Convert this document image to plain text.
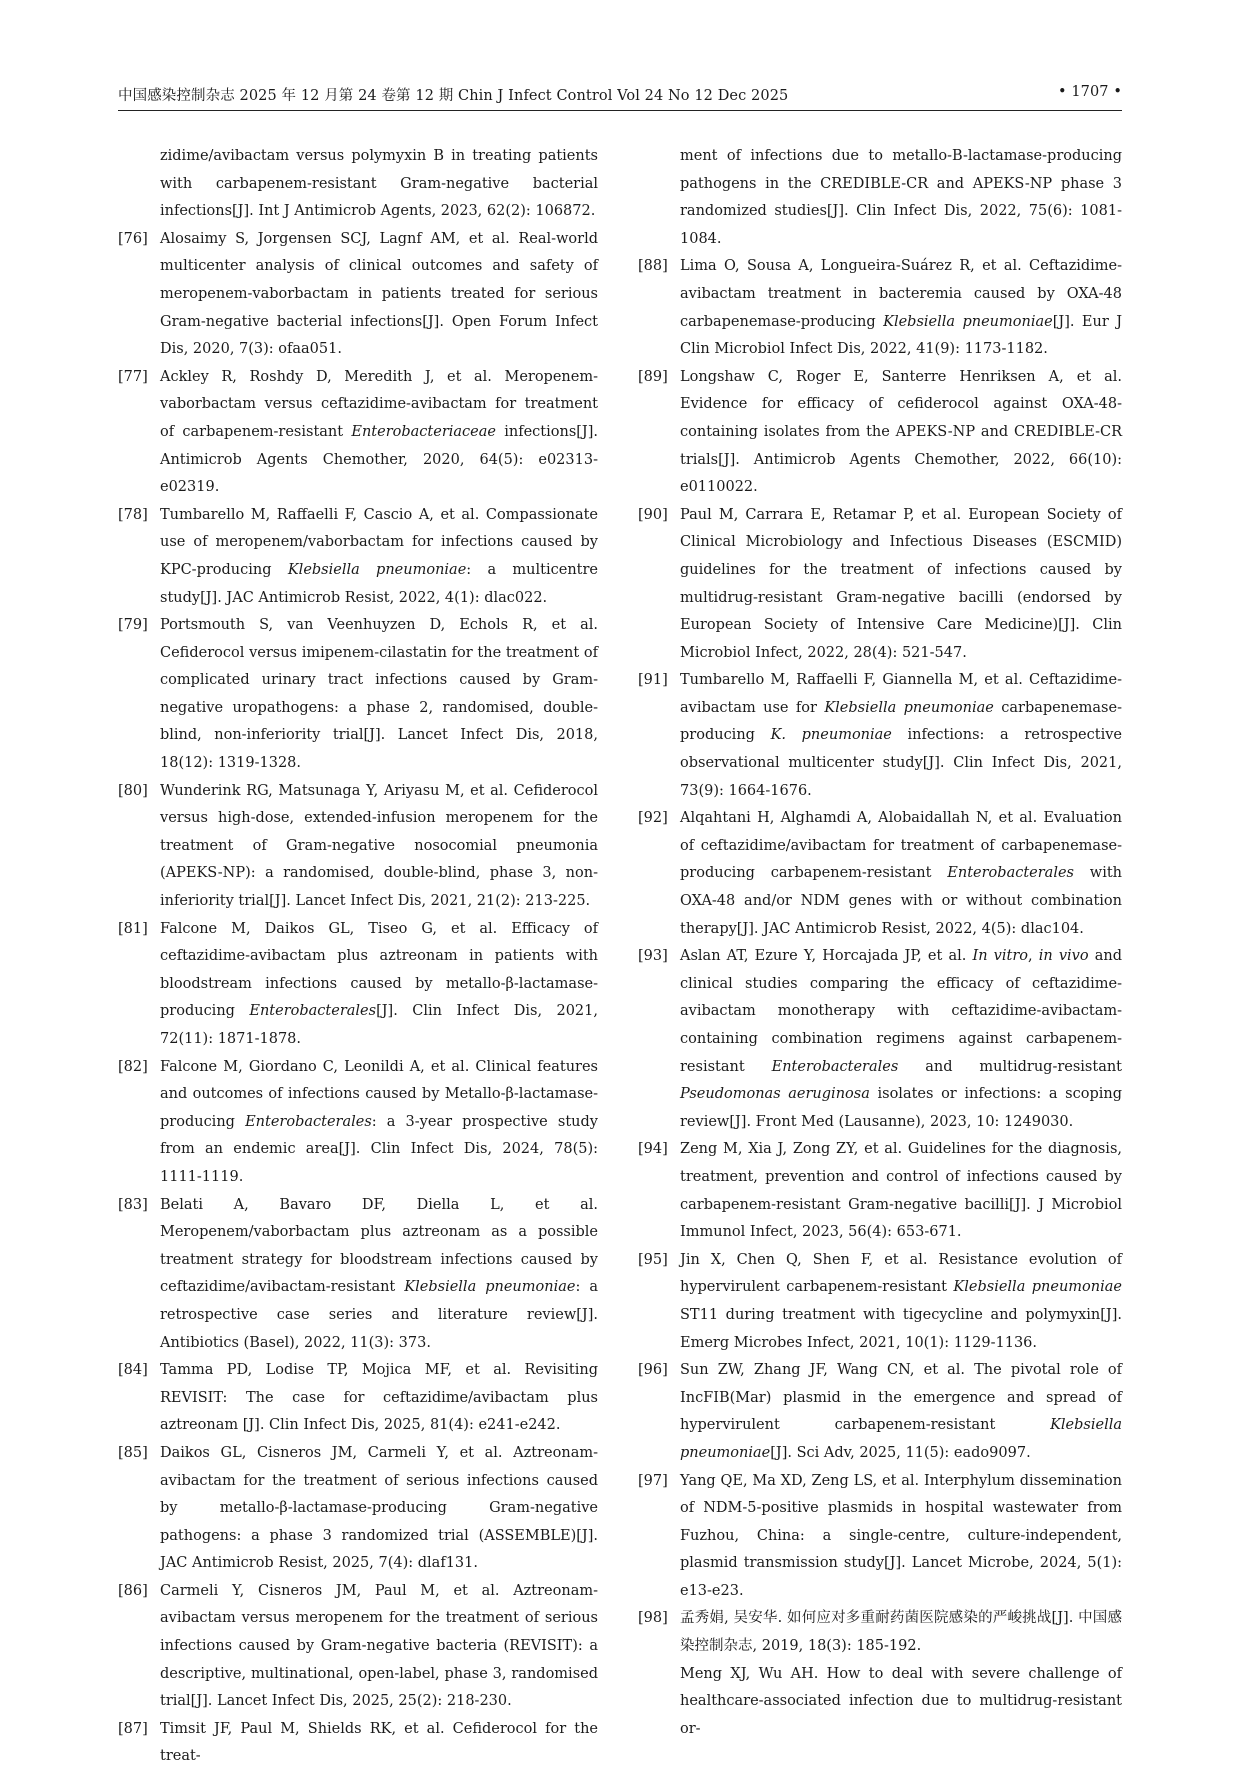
中国感染控制杂志 2025 年 12 月第 24 卷第 12 期 Chin J Infect Control Vol 24 No 12 Dec 2025	• 1707 •
zidime/avibactam versus polymyxin B in treating patients with carbapenem-resistant Gram-negative bacterial infections[J]. Int J Antimicrob Agents, 2023, 62(2): 106872.
[76] Alosaimy S, Jorgensen SCJ, Lagnf AM, et al. Real-world multicenter analysis of clinical outcomes and safety of meropenem-vaborbactam in patients treated for serious Gram-negative bacterial infections[J]. Open Forum Infect Dis, 2020, 7(3): ofaa051.
[77] Ackley R, Roshdy D, Meredith J, et al. Meropenem-vaborbactam versus ceftazidime-avibactam for treatment of carbapenem-resistant Enterobacteriaceae infections[J]. Antimicrob Agents Chemother, 2020, 64(5): e02313-e02319.
[78] Tumbarello M, Raffaelli F, Cascio A, et al. Compassionate use of meropenem/vaborbactam for infections caused by KPC-producing Klebsiella pneumoniae: a multicentre study[J]. JAC Antimicrob Resist, 2022, 4(1): dlac022.
[79] Portsmouth S, van Veenhuyzen D, Echols R, et al. Cefiderocol versus imipenem-cilastatin for the treatment of complicated urinary tract infections caused by Gram-negative uropathogens: a phase 2, randomised, double-blind, non-inferiority trial[J]. Lancet Infect Dis, 2018, 18(12): 1319-1328.
[80] Wunderink RG, Matsunaga Y, Ariyasu M, et al. Cefiderocol versus high-dose, extended-infusion meropenem for the treatment of Gram-negative nosocomial pneumonia (APEKS-NP): a randomised, double-blind, phase 3, non-inferiority trial[J]. Lancet Infect Dis, 2021, 21(2): 213-225.
[81] Falcone M, Daikos GL, Tiseo G, et al. Efficacy of ceftazidime-avibactam plus aztreonam in patients with bloodstream infections caused by metallo-β-lactamase-producing Enterobacterales[J]. Clin Infect Dis, 2021, 72(11): 1871-1878.
[82] Falcone M, Giordano C, Leonildi A, et al. Clinical features and outcomes of infections caused by Metallo-β-lactamase-producing Enterobacterales: a 3-year prospective study from an endemic area[J]. Clin Infect Dis, 2024, 78(5): 1111-1119.
[83] Belati A, Bavaro DF, Diella L, et al. Meropenem/vaborbactam plus aztreonam as a possible treatment strategy for bloodstream infections caused by ceftazidime/avibactam-resistant Klebsiella pneumoniae: a retrospective case series and literature review[J]. Antibiotics (Basel), 2022, 11(3): 373.
[84] Tamma PD, Lodise TP, Mojica MF, et al. Revisiting REVISIT: The case for ceftazidime/avibactam plus aztreonam [J]. Clin Infect Dis, 2025, 81(4): e241-e242.
[85] Daikos GL, Cisneros JM, Carmeli Y, et al. Aztreonam-avibactam for the treatment of serious infections caused by metallo-β-lactamase-producing Gram-negative pathogens: a phase 3 randomized trial (ASSEMBLE)[J]. JAC Antimicrob Resist, 2025, 7(4): dlaf131.
[86] Carmeli Y, Cisneros JM, Paul M, et al. Aztreonam-avibactam versus meropenem for the treatment of serious infections caused by Gram-negative bacteria (REVISIT): a descriptive, multinational, open-label, phase 3, randomised trial[J]. Lancet Infect Dis, 2025, 25(2): 218-230.
[87] Timsit JF, Paul M, Shields RK, et al. Cefiderocol for the treat-
ment of infections due to metallo-B-lactamase-producing pathogens in the CREDIBLE-CR and APEKS-NP phase 3 randomized studies[J]. Clin Infect Dis, 2022, 75(6): 1081-1084.
[88] Lima O, Sousa A, Longueira-Suárez R, et al. Ceftazidime-avibactam treatment in bacteremia caused by OXA-48 carbapenemase-producing Klebsiella pneumoniae[J]. Eur J Clin Microbiol Infect Dis, 2022, 41(9): 1173-1182.
[89] Longshaw C, Roger E, Santerre Henriksen A, et al. Evidence for efficacy of cefiderocol against OXA-48-containing isolates from the APEKS-NP and CREDIBLE-CR trials[J]. Antimicrob Agents Chemother, 2022, 66(10): e0110022.
[90] Paul M, Carrara E, Retamar P, et al. European Society of Clinical Microbiology and Infectious Diseases (ESCMID) guidelines for the treatment of infections caused by multidrug-resistant Gram-negative bacilli (endorsed by European Society of Intensive Care Medicine)[J]. Clin Microbiol Infect, 2022, 28(4): 521-547.
[91] Tumbarello M, Raffaelli F, Giannella M, et al. Ceftazidime-avibactam use for Klebsiella pneumoniae carbapenemase-producing K. pneumoniae infections: a retrospective observational multicenter study[J]. Clin Infect Dis, 2021, 73(9): 1664-1676.
[92] Alqahtani H, Alghamdi A, Alobaidallah N, et al. Evaluation of ceftazidime/avibactam for treatment of carbapenemase-producing carbapenem-resistant Enterobacterales with OXA-48 and/or NDM genes with or without combination therapy[J]. JAC Antimicrob Resist, 2022, 4(5): dlac104.
[93] Aslan AT, Ezure Y, Horcajada JP, et al. In vitro, in vivo and clinical studies comparing the efficacy of ceftazidime-avibactam monotherapy with ceftazidime-avibactam-containing combination regimens against carbapenem-resistant Enterobacterales and multidrug-resistant Pseudomonas aeruginosa isolates or infections: a scoping review[J]. Front Med (Lausanne), 2023, 10: 1249030.
[94] Zeng M, Xia J, Zong ZY, et al. Guidelines for the diagnosis, treatment, prevention and control of infections caused by carbapenem-resistant Gram-negative bacilli[J]. J Microbiol Immunol Infect, 2023, 56(4): 653-671.
[95] Jin X, Chen Q, Shen F, et al. Resistance evolution of hypervirulent carbapenem-resistant Klebsiella pneumoniae ST11 during treatment with tigecycline and polymyxin[J]. Emerg Microbes Infect, 2021, 10(1): 1129-1136.
[96] Sun ZW, Zhang JF, Wang CN, et al. The pivotal role of IncFIB(Mar) plasmid in the emergence and spread of hypervirulent carbapenem-resistant Klebsiella pneumoniae[J]. Sci Adv, 2025, 11(5): eado9097.
[97] Yang QE, Ma XD, Zeng LS, et al. Interphylum dissemination of NDM-5-positive plasmids in hospital wastewater from Fuzhou, China: a single-centre, culture-independent, plasmid transmission study[J]. Lancet Microbe, 2024, 5(1): e13-e23.
[98] 孟秀娟, 吴安华. 如何应对多重耐药菌医院感染的严峻挑战[J]. 中国感染控制杂志, 2019, 18(3): 185-192.
Meng XJ, Wu AH. How to deal with severe challenge of healthcare-associated infection due to multidrug-resistant or-
